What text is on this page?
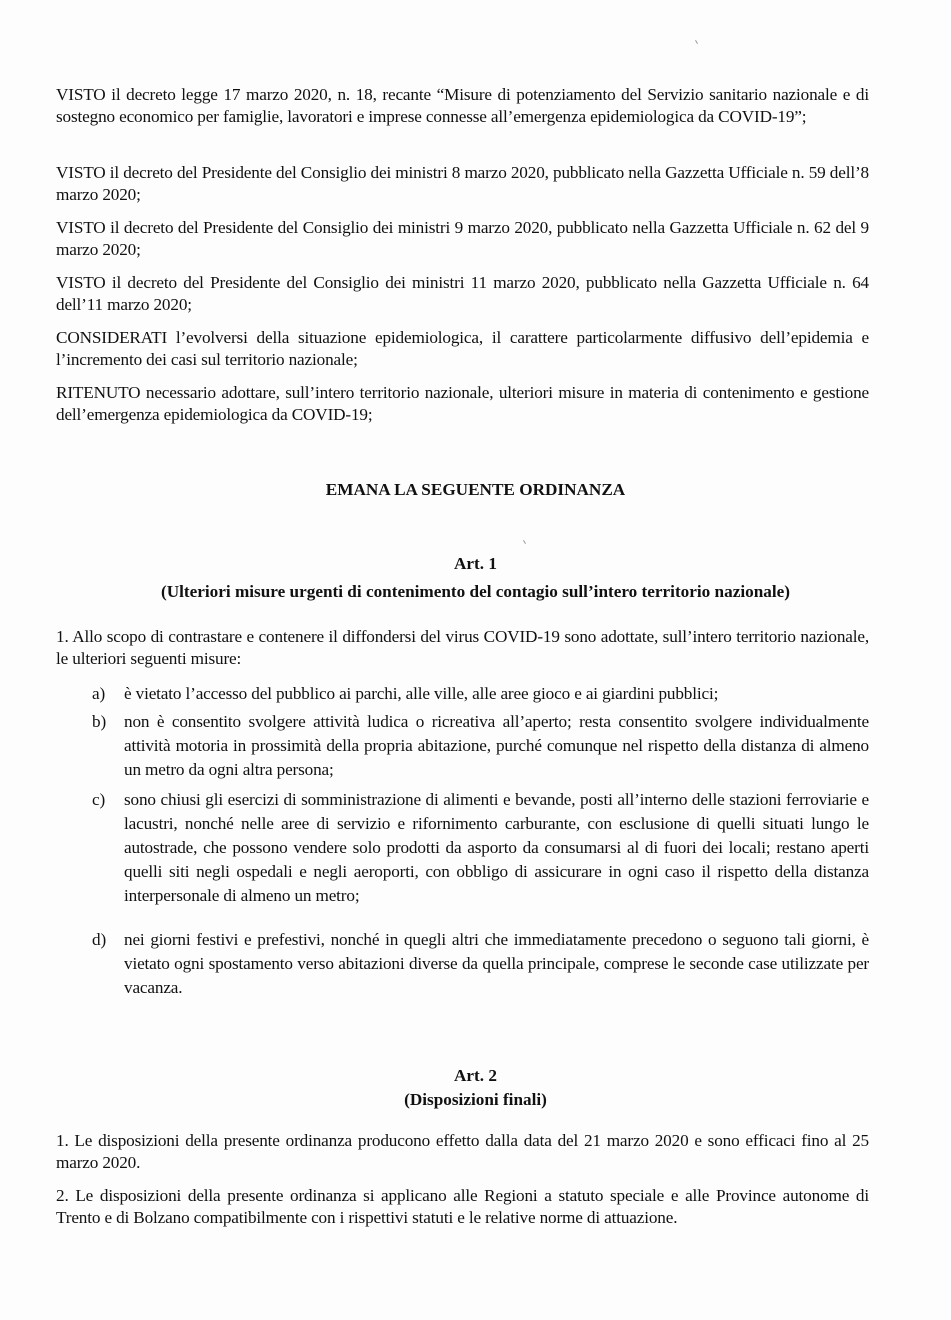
VISTO il decreto legge 17 marzo 2020, n. 18, recante “Misure di potenziamento del Servizio sanitario nazionale e di sostegno economico per famiglie, lavoratori e imprese connesse all’emergenza epidemiologica da COVID-19”;

VISTO il decreto del Presidente del Consiglio dei ministri 8 marzo 2020, pubblicato nella Gazzetta Ufficiale n. 59 dell’8 marzo 2020;

VISTO il decreto del Presidente del Consiglio dei ministri 9 marzo 2020, pubblicato nella Gazzetta Ufficiale n. 62 del 9 marzo 2020;

VISTO il decreto del Presidente del Consiglio dei ministri 11 marzo 2020, pubblicato nella Gazzetta Ufficiale n. 64 dell’11 marzo 2020;

CONSIDERATI l’evolversi della situazione epidemiologica, il carattere particolarmente diffusivo dell’epidemia e l’incremento dei casi sul territorio nazionale;

RITENUTO necessario adottare, sull’intero territorio nazionale, ulteriori misure in materia di contenimento e gestione dell’emergenza epidemiologica da COVID-19;

EMANA LA SEGUENTE ORDINANZA
Art. 1
(Ulteriori misure urgenti di contenimento del contagio sull’intero territorio nazionale)

1. Allo scopo di contrastare e contenere il diffondersi del virus COVID-19 sono adottate, sull’intero territorio nazionale, le ulteriori seguenti misure:

a)	è vietato l’accesso del pubblico ai parchi, alle ville, alle aree gioco e ai giardini pubblici;
b)	non è consentito svolgere attività ludica o ricreativa all’aperto; resta consentito svolgere individualmente attività motoria in prossimità della propria abitazione, purché comunque nel rispetto della distanza di almeno un metro da ogni altra persona;
c)	sono chiusi gli esercizi di somministrazione di alimenti e bevande, posti all’interno delle stazioni ferroviarie e lacustri, nonché nelle aree di servizio e rifornimento carburante, con esclusione di quelli situati lungo le autostrade, che possono vendere solo prodotti da asporto da consumarsi al di fuori dei locali; restano aperti quelli siti negli ospedali e negli aeroporti, con obbligo di assicurare in ogni caso il rispetto della distanza interpersonale di almeno un metro;
d)	nei giorni festivi e prefestivi, nonché in quegli altri che immediatamente precedono o seguono tali giorni, è vietato ogni spostamento verso abitazioni diverse da quella principale, comprese le seconde case utilizzate per vacanza.
Art. 2
(Disposizioni finali)

1. Le disposizioni della presente ordinanza producono effetto dalla data del 21 marzo 2020 e sono efficaci fino al 25 marzo 2020.

2. Le disposizioni della presente ordinanza si applicano alle Regioni a statuto speciale e alle Province autonome di Trento e di Bolzano compatibilmente con i rispettivi statuti e le relative norme di attuazione.
